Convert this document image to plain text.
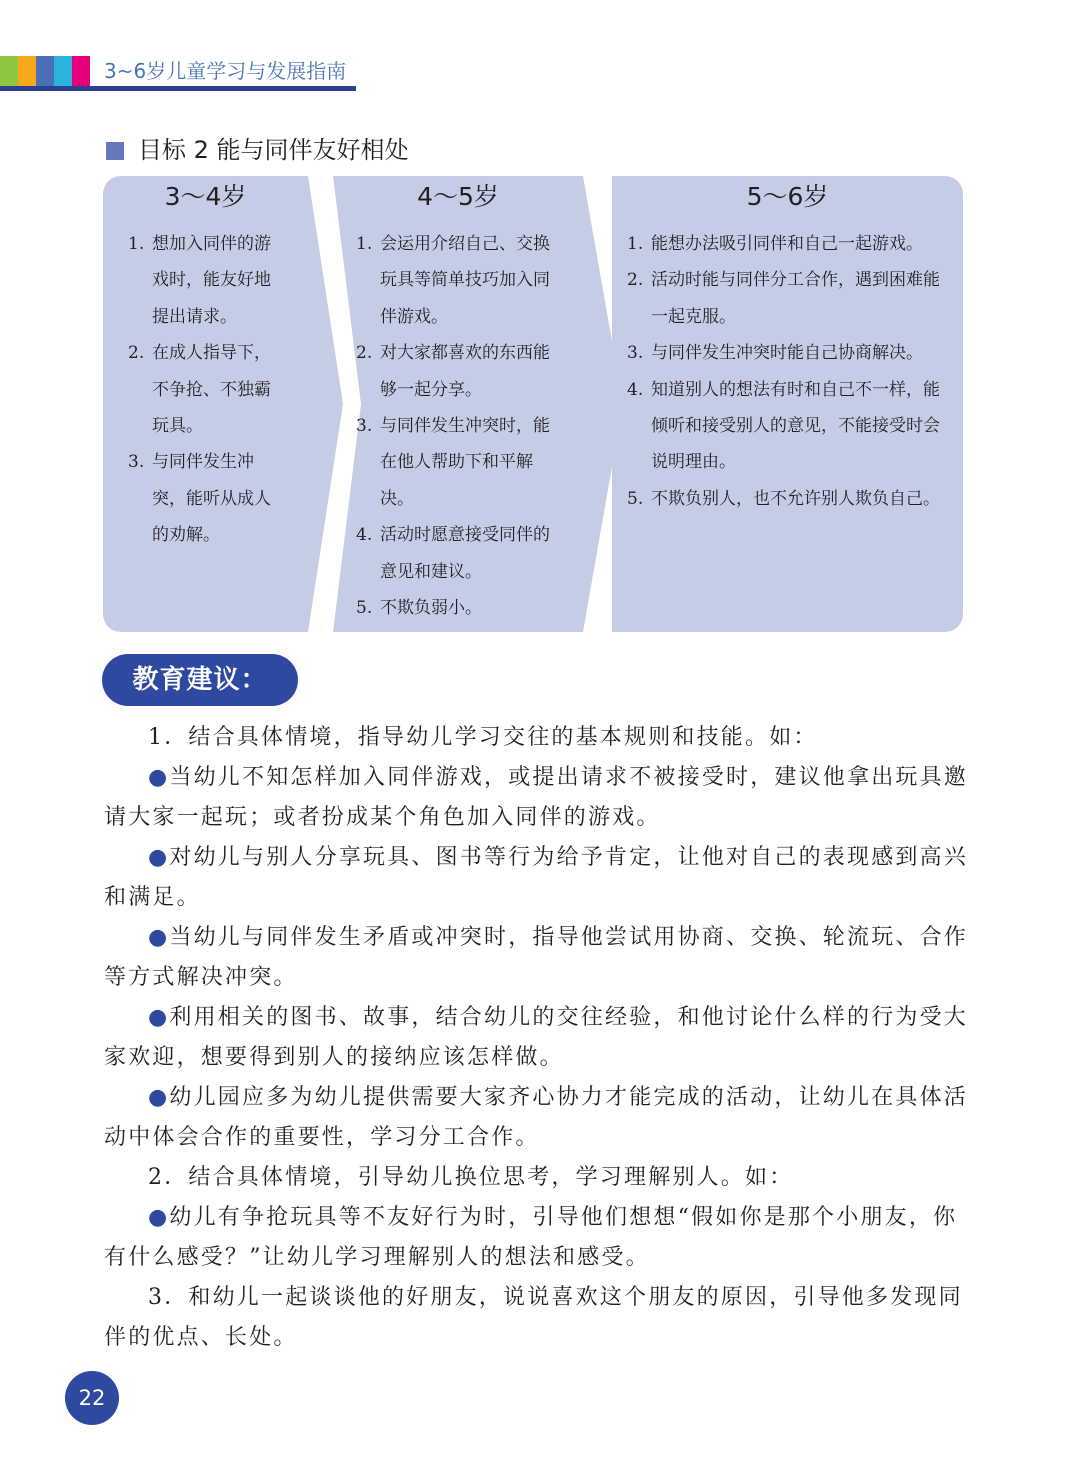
3~6岁儿童学习与发展指南
目标 2 能与同伴友好相处
3～4岁
1. 想加入同伴的游戏时，能友好地提出请求。
2. 在成人指导下，不争抢、不独霸玩具。
3. 与同伴发生冲突，能听从成人的劝解。
4～5岁
1. 会运用介绍自己、交换玩具等简单技巧加入同伴游戏。
2. 对大家都喜欢的东西能够一起分享。
3. 与同伴发生冲突时，能在他人帮助下和平解决。
4. 活动时愿意接受同伴的意见和建议。
5. 不欺负弱小。
5～6岁
1. 能想办法吸引同伴和自己一起游戏。
2. 活动时能与同伴分工合作，遇到困难能一起克服。
3. 与同伴发生冲突时能自己协商解决。
4. 知道别人的想法有时和自己不一样，能倾听和接受别人的意见，不能接受时会说明理由。
5. 不欺负别人，也不允许别人欺负自己。
教育建议：

1．结合具体情境，指导幼儿学习交往的基本规则和技能。如：

●当幼儿不知怎样加入同伴游戏，或提出请求不被接受时，建议他拿出玩具邀请大家一起玩；或者扮成某个角色加入同伴的游戏。

●对幼儿与别人分享玩具、图书等行为给予肯定，让他对自己的表现感到高兴和满足。

●当幼儿与同伴发生矛盾或冲突时，指导他尝试用协商、交换、轮流玩、合作等方式解决冲突。

●利用相关的图书、故事，结合幼儿的交往经验，和他讨论什么样的行为受大家欢迎，想要得到别人的接纳应该怎样做。

●幼儿园应多为幼儿提供需要大家齐心协力才能完成的活动，让幼儿在具体活动中体会合作的重要性，学习分工合作。

2．结合具体情境，引导幼儿换位思考，学习理解别人。如：

●幼儿有争抢玩具等不友好行为时，引导他们想想“假如你是那个小朋友，你有什么感受？”让幼儿学习理解别人的想法和感受。

3．和幼儿一起谈谈他的好朋友，说说喜欢这个朋友的原因，引导他多发现同伴的优点、长处。

22
